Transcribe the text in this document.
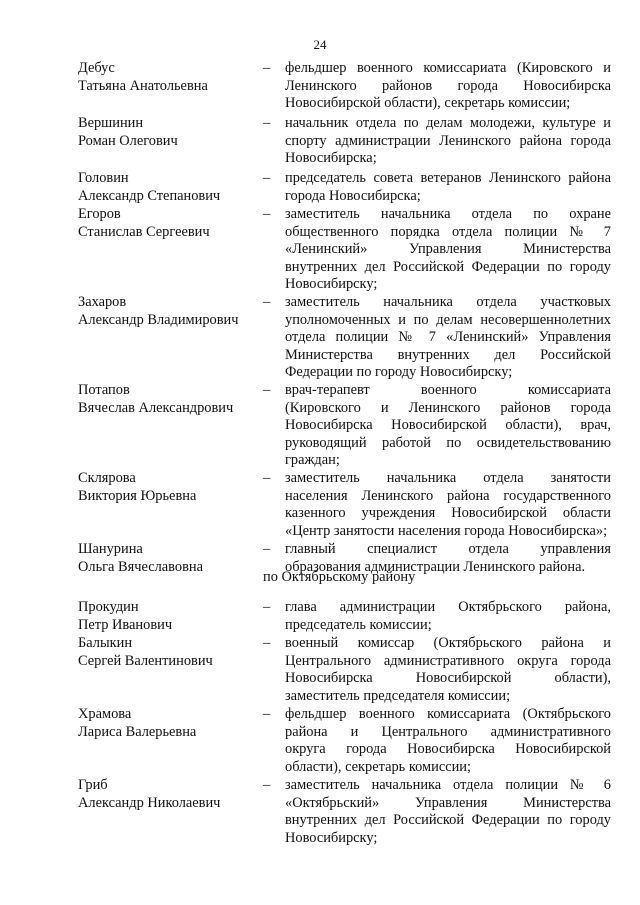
24
Дебус
Татьяна Анатольевна
– фельдшер военного комиссариата (Кировского и
Ленинского районов города Новосибирска
Новосибирской области), секретарь комиссии;
Вершинин
Роман Олегович
– начальник отдела по делам молодежи, культуре и
спорту администрации Ленинского района города
Новосибирска;
Головин
Александр Степанович
– председатель совета ветеранов Ленинского района
города Новосибирска;
Егоров
Станислав Сергеевич
– заместитель начальника отдела по охране
общественного порядка отдела полиции № 7
«Ленинский» Управления Министерства
внутренних дел Российской Федерации по городу
Новосибирску;
Захаров
Александр Владимирович
– заместитель начальника отдела участковых
уполномоченных и по делам несовершеннолетних
отдела полиции № 7 «Ленинский» Управления
Министерства внутренних дел Российской
Федерации по городу Новосибирску;
Потапов
Вячеслав Александрович
– врач-терапевт военного комиссариата
(Кировского и Ленинского районов города
Новосибирска Новосибирской области), врач,
руководящий работой по освидетельствованию
граждан;
Склярова
Виктория Юрьевна
– заместитель начальника отдела занятости
населения Ленинского района государственного
казенного учреждения Новосибирской области
«Центр занятости населения города Новосибирска»;
Шанурина
Ольга Вячеславовна
– главный специалист отдела управления
образования администрации Ленинского района.
Прокудин
Петр Иванович
– глава администрации Октябрьского района,
председатель комиссии;
Балыкин
Сергей Валентинович
– военный комиссар (Октябрьского района и
Центрального административного округа города
Новосибирска Новосибирской области),
заместитель председателя комиссии;
Храмова
Лариса Валерьевна
– фельдшер военного комиссариата (Октябрьского
района и Центрального административного
округа города Новосибирска Новосибирской
области), секретарь комиссии;
Гриб
Александр Николаевич
– заместитель начальника отдела полиции № 6
«Октябрьский» Управления Министерства
внутренних дел Российской Федерации по городу
Новосибирску;
по Октябрьскому району
